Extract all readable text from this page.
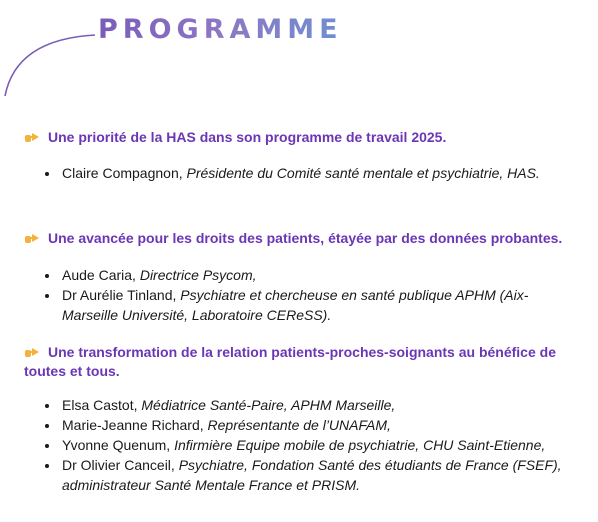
PROGRAMME

Une priorité de la HAS dans son programme de travail 2025.

• Claire Compagnon, Présidente du Comité santé mentale et psychiatrie, HAS.

Une avancée pour les droits des patients, étayée par des données probantes.

• Aude Caria, Directrice Psycom,
• Dr Aurélie Tinland, Psychiatre et chercheuse en santé publique APHM (Aix-Marseille Université, Laboratoire CEReSS).

Une transformation de la relation patients-proches-soignants au bénéfice de toutes et tous.

• Elsa Castot, Médiatrice Santé-Paire, APHM Marseille,
• Marie-Jeanne Richard, Représentante de l’UNAFAM,
• Yvonne Quenum, Infirmière Equipe mobile de psychiatrie, CHU Saint-Etienne,
• Dr Olivier Canceil, Psychiatre, Fondation Santé des étudiants de France (FSEF), administrateur Santé Mentale France et PRISM.
